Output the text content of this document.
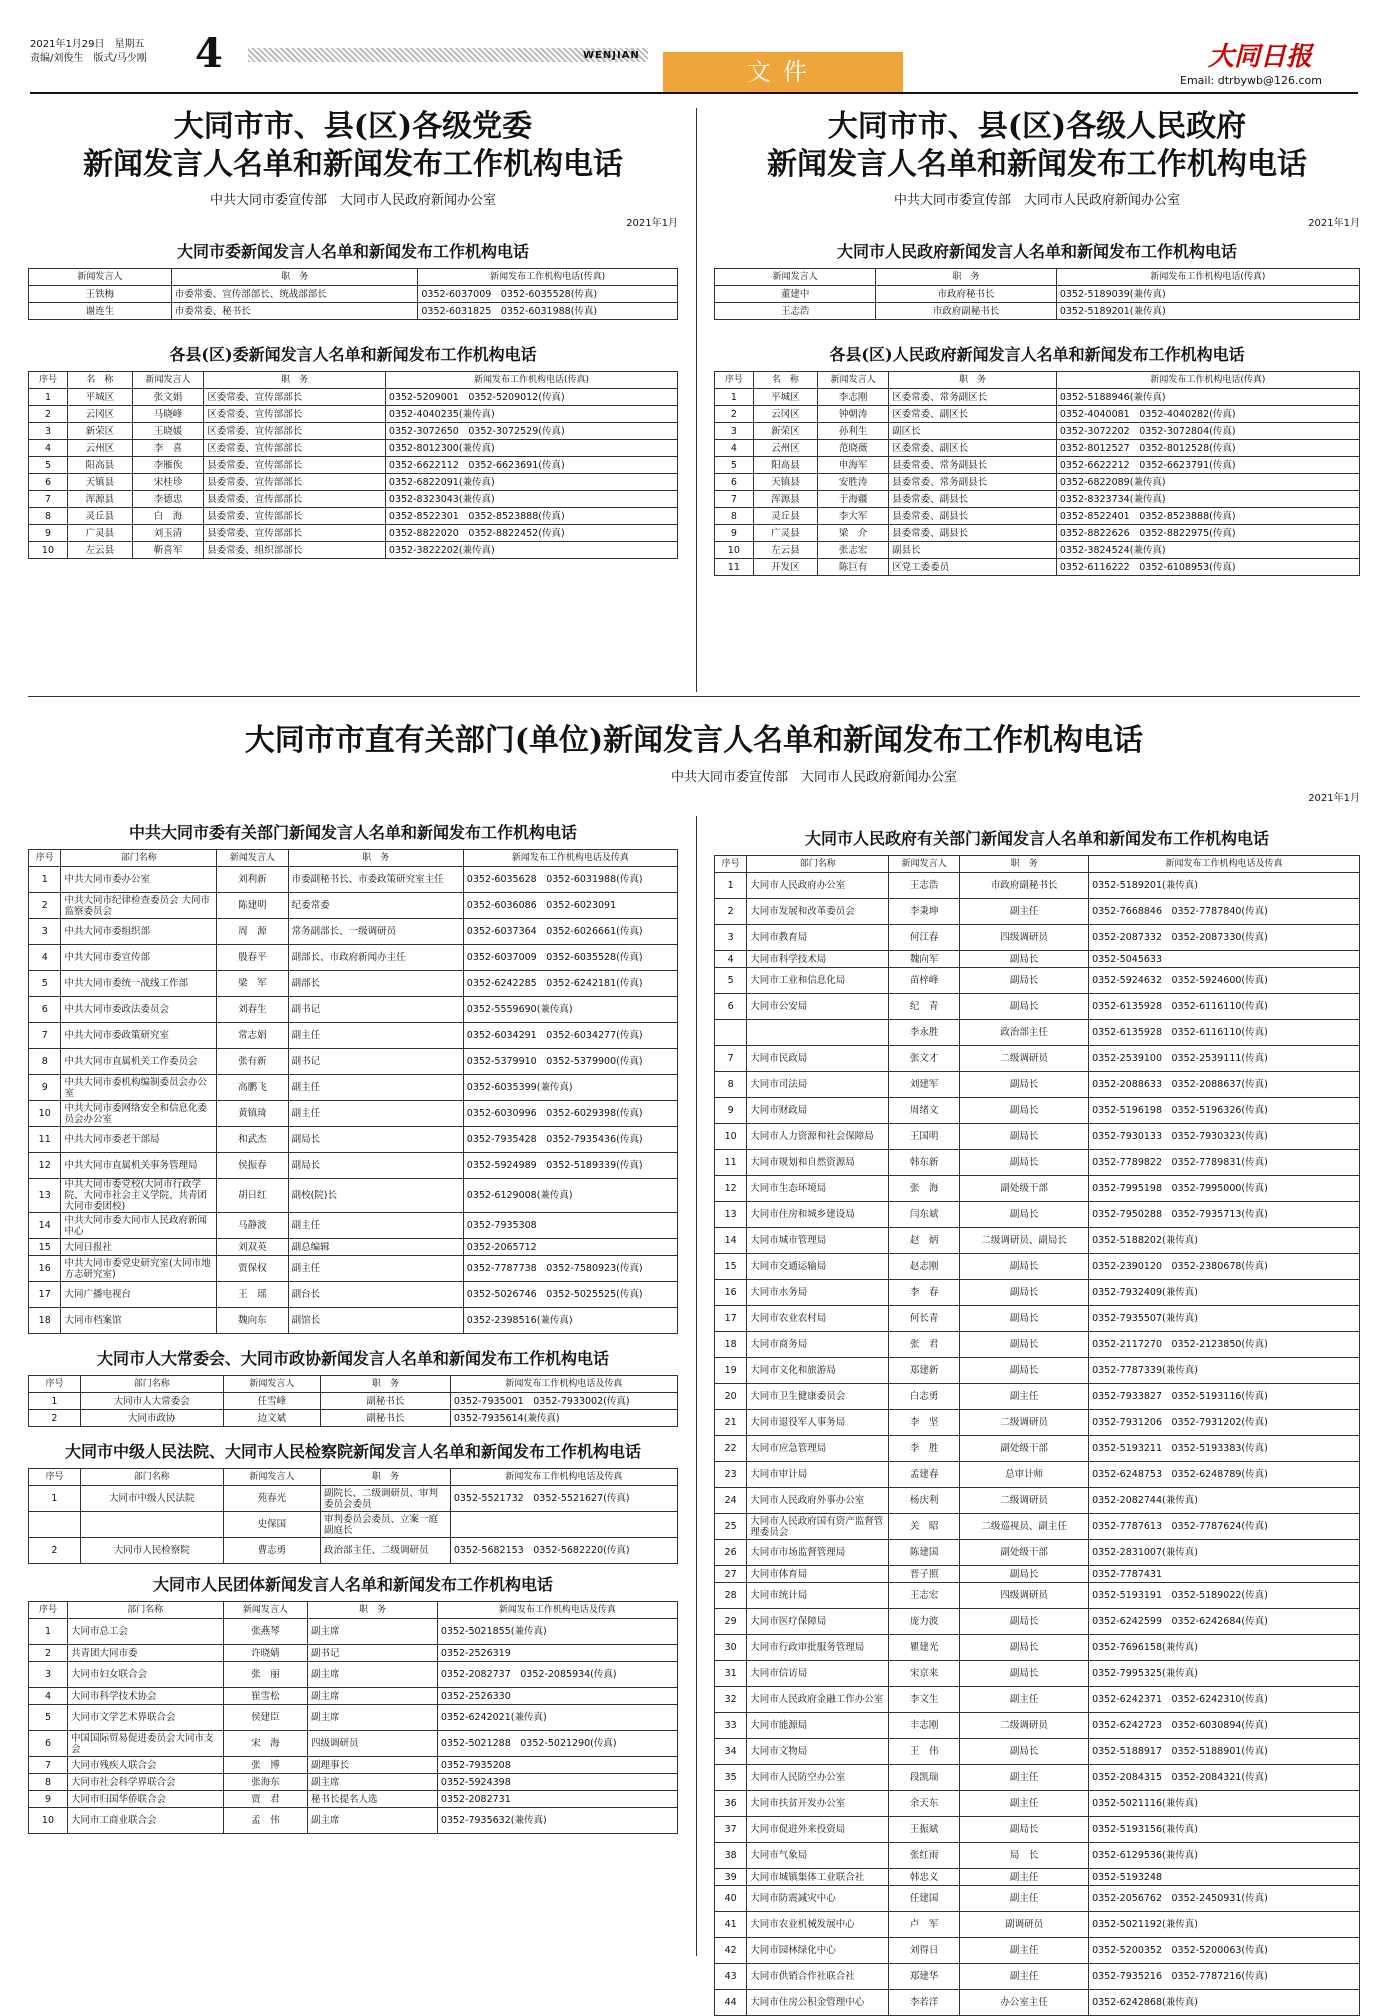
2021年1月29日　星期五
责编/刘俊生　版式/马少刚 4	WENJIAN
文件	大同日报
Email: dtrbywb@126.com
大同市市、县(区)各级党委
新闻发言人名单和新闻发布工作机构电话
中共大同市委宣传部　大同市人民政府新闻办公室
2021年1月
大同市委新闻发言人名单和新闻发布工作机构电话
新闻发言人	职　务	新闻发布工作机构电话(传真)
王铁梅	市委常委、宣传部部长、统战部部长	0352-6037009　0352-6035528(传真)
谢连生	市委常委、秘书长	0352-6031825　0352-6031988(传真)
各县(区)委新闻发言人名单和新闻发布工作机构电话
序号	名　称	新闻发言人	职　务	新闻发布工作机构电话(传真)
1	平城区	张文娟	区委常委、宣传部部长	0352-5209001　0352-5209012(传真)
2	云冈区	马晓峰	区委常委、宣传部部长	0352-4040235(兼传真)
3	新荣区	王晓媛	区委常委、宣传部部长	0352-3072650　0352-3072529(传真)
4	云州区	李　喜	区委常委、宣传部部长	0352-8012300(兼传真)
5	阳高县	李雁俟	县委常委、宣传部部长	0352-6622112　0352-6623691(传真)
6	天镇县	宋桂珍	县委常委、宣传部部长	0352-6822091(兼传真)
7	浑源县	李德忠	县委常委、宣传部部长	0352-8323043(兼传真)
8	灵丘县	白　海	县委常委、宣传部部长	0352-8522301　0352-8523888(传真)
9	广灵县	刘玉清	县委常委、宣传部部长	0352-8822020　0352-8822452(传真)
10	左云县	靳喜军	县委常委、组织部部长	0352-3822202(兼传真)
大同市市、县(区)各级人民政府
新闻发言人名单和新闻发布工作机构电话
中共大同市委宣传部　大同市人民政府新闻办公室
2021年1月
大同市人民政府新闻发言人名单和新闻发布工作机构电话
新闻发言人	职　务	新闻发布工作机构电话(传真)
董建中	市政府秘书长	0352-5189039(兼传真)
王志浩	市政府副秘书长	0352-5189201(兼传真)
各县(区)人民政府新闻发言人名单和新闻发布工作机构电话
序号	名　称	新闻发言人	职　务	新闻发布工作机构电话(传真)
1	平城区	李志刚	区委常委、常务副区长	0352-5188946(兼传真)
2	云冈区	钟朝涛	区委常委、副区长	0352-4040081　0352-4040282(传真)
3	新荣区	孙利生	副区长	0352-3072202　0352-3072804(传真)
4	云州区	范晓薇	区委常委、副区长	0352-8012527　0352-8012528(传真)
5	阳高县	申海军	县委常委、常务副县长	0352-6622212　0352-6623791(传真)
6	天镇县	安胜涛	县委常委、常务副县长	0352-6822089(兼传真)
7	浑源县	于海疆	县委常委、副县长	0352-8323734(兼传真)
8	灵丘县	李大军	县委常委、副县长	0352-8522401　0352-8523888(传真)
9	广灵县	梁　介	县委常委、副县长	0352-8822626　0352-8822975(传真)
10	左云县	张志宏	副县长	0352-3824524(兼传真)
11	开发区	陈巨有	区党工委委员	0352-6116222　0352-6108953(传真)
大同市市直有关部门(单位)新闻发言人名单和新闻发布工作机构电话
中共大同市委宣传部　大同市人民政府新闻办公室
2021年1月
中共大同市委有关部门新闻发言人名单和新闻发布工作机构电话
序号	部门名称	新闻发言人	职　务	新闻发布工作机构电话及传真
1	中共大同市委办公室	刘利新	市委副秘书长、市委政策研究室主任	0352-6035628　0352-6031988(传真)
2	中共大同市纪律检查委员会 大同市监察委员会	陈建明	纪委常委	0352-6036086　0352-6023091
3	中共大同市委组织部	周　源	常务副部长、一级调研员	0352-6037364　0352-6026661(传真)
4	中共大同市委宣传部	殷春平	副部长、市政府新闻办主任	0352-6037009　0352-6035528(传真)
5	中共大同市委统一战线工作部	梁　军	副部长	0352-6242285　0352-6242181(传真)
6	中共大同市委政法委员会	刘春生	副书记	0352-5559690(兼传真)
7	中共大同市委政策研究室	常志娟	副主任	0352-6034291　0352-6034277(传真)
8	中共大同市直属机关工作委员会	张有新	副书记	0352-5379910　0352-5379900(传真)
9	中共大同市委机构编制委员会办公室	高鹏飞	副主任	0352-6035399(兼传真)
10	中共大同市委网络安全和信息化委员会办公室	黄镇琦	副主任	0352-6030996　0352-6029398(传真)
11	中共大同市委老干部局	和武杰	副局长	0352-7935428　0352-7935436(传真)
12	中共大同市直属机关事务管理局	侯振春	副局长	0352-5924989　0352-5189339(传真)
13	中共大同市委党校(大同市行政学院、大同市社会主义学院、共青团大同市委团校)	胡日红	副校(院)长	0352-6129008(兼传真)
14	中共大同市委大同市人民政府新闻中心	马静波	副主任	0352-7935308
15	大同日报社	刘双英	副总编辑	0352-2065712
16	中共大同市委党史研究室(大同市地方志研究室)	贾保权	副主任	0352-7787738　0352-7580923(传真)
17	大同广播电视台	王　瑶	副台长	0352-5026746　0352-5025525(传真)
18	大同市档案馆	魏向东	副馆长	0352-2398516(兼传真)
大同市人大常委会、大同市政协新闻发言人名单和新闻发布工作机构电话
序号	部门名称	新闻发言人	职　务	新闻发布工作机构电话及传真
1	大同市人大常委会	任雪峰	副秘书长	0352-7935001　0352-7933002(传真)
2	大同市政协	边文斌	副秘书长	0352-7935614(兼传真)
大同市中级人民法院、大同市人民检察院新闻发言人名单和新闻发布工作机构电话
序号	部门名称	新闻发言人	职　务	新闻发布工作机构电话及传真
1	大同市中级人民法院	苑春光	副院长、二级调研员、审判委员会委员	0352-5521732　0352-5521627(传真)
		史保国	审判委员会委员、立案一庭副庭长	
2	大同市人民检察院	曹志勇	政治部主任、二级调研员	0352-5682153　0352-5682220(传真)
大同市人民团体新闻发言人名单和新闻发布工作机构电话
序号	部门名称	新闻发言人	职　务	新闻发布工作机构电话及传真
1	大同市总工会	张燕琴	副主席	0352-5021855(兼传真)
2	共青团大同市委	许晓婧	副书记	0352-2526319
3	大同市妇女联合会	张　丽	副主席	0352-2082737　0352-2085934(传真)
4	大同市科学技术协会	崔雪松	副主席	0352-2526330
5	大同市文学艺术界联合会	侯建臣	副主席	0352-6242021(兼传真)
6	中国国际贸易促进委员会大同市支会	宋　海	四级调研员	0352-5021288　0352-5021290(传真)
7	大同市残疾人联合会	张　博	副理事长	0352-7935208
8	大同市社会科学界联合会	张海东	副主席	0352-5924398
9	大同市归国华侨联合会	贾　君	秘书长提名人选	0352-2082731
10	大同市工商业联合会	孟　伟	副主席	0352-7935632(兼传真)
大同市人民政府有关部门新闻发言人名单和新闻发布工作机构电话
序号	部门名称	新闻发言人	职　务	新闻发布工作机构电话及传真
1	大同市人民政府办公室	王志浩	市政府副秘书长	0352-5189201(兼传真)
2	大同市发展和改革委员会	李秉坤	副主任	0352-7668846　0352-7787840(传真)
3	大同市教育局	何江春	四级调研员	0352-2087332　0352-2087330(传真)
4	大同市科学技术局	魏向军	副局长	0352-5045633
5	大同市工业和信息化局	苗梓峰	副局长	0352-5924632　0352-5924600(传真)
6	大同市公安局	纪　青	副局长	0352-6135928　0352-6116110(传真)
		李永胜	政治部主任	0352-6135928　0352-6116110(传真)
7	大同市民政局	张文才	二级调研员	0352-2539100　0352-2539111(传真)
8	大同市司法局	刘建军	副局长	0352-2088633　0352-2088637(传真)
9	大同市财政局	周绪文	副局长	0352-5196198　0352-5196326(传真)
10	大同市人力资源和社会保障局	王国明	副局长	0352-7930133　0352-7930323(传真)
11	大同市规划和自然资源局	韩东新	副局长	0352-7789822　0352-7789831(传真)
12	大同市生态环境局	张　海	副处级干部	0352-7995198　0352-7995000(传真)
13	大同市住房和城乡建设局	闫东斌	副局长	0352-7950288　0352-7935713(传真)
14	大同市城市管理局	赵　炳	二级调研员、副局长	0352-5188202(兼传真)
15	大同市交通运输局	赵志刚	副局长	0352-2390120　0352-2380678(传真)
16	大同市水务局	李　春	副局长	0352-7932409(兼传真)
17	大同市农业农村局	何长青	副局长	0352-7935507(兼传真)
18	大同市商务局	张　君	副局长	0352-2117270　0352-2123850(传真)
19	大同市文化和旅游局	郑建新	副局长	0352-7787339(兼传真)
20	大同市卫生健康委员会	白志勇	副主任	0352-7933827　0352-5193116(传真)
21	大同市退役军人事务局	李　坚	二级调研员	0352-7931206　0352-7931202(传真)
22	大同市应急管理局	李　胜	副处级干部	0352-5193211　0352-5193383(传真)
23	大同市审计局	孟建春	总审计师	0352-6248753　0352-6248789(传真)
24	大同市人民政府外事办公室	杨庆利	二级调研员	0352-2082744(兼传真)
25	大同市人民政府国有资产监督管理委员会	关　昭	二级巡视员、副主任	0352-7787613　0352-7787624(传真)
26	大同市市场监督管理局	陈建国	副处级干部	0352-2831007(兼传真)
27	大同市体育局	晋子照	副局长	0352-7787431
28	大同市统计局	王志宏	四级调研员	0352-5193191　0352-5189022(传真)
29	大同市医疗保障局	庞力波	副局长	0352-6242599　0352-6242684(传真)
30	大同市行政审批服务管理局	瞿建光	副局长	0352-7696158(兼传真)
31	大同市信访局	宋京来	副局长	0352-7995325(兼传真)
32	大同市人民政府金融工作办公室	李文生	副主任	0352-6242371　0352-6242310(传真)
33	大同市能源局	丰志刚	二级调研员	0352-6242723　0352-6030894(传真)
34	大同市文物局	王　伟	副局长	0352-5188917　0352-5188901(传真)
35	大同市人民防空办公室	段凯瑞	副主任	0352-2084315　0352-2084321(传真)
36	大同市扶贫开发办公室	余天东	副主任	0352-5021116(兼传真)
37	大同市促进外来投资局	王振斌	副局长	0352-5193156(兼传真)
38	大同市气象局	张红雨	局　长	0352-6129536(兼传真)
39	大同市城镇集体工业联合社	韩忠义	副主任	0352-5193248
40	大同市防震减灾中心	任建国	副主任	0352-2056762　0352-2450931(传真)
41	大同市农业机械发展中心	卢　军	副调研员	0352-5021192(兼传真)
42	大同市园林绿化中心	刘得日	副主任	0352-5200352　0352-5200063(传真)
43	大同市供销合作社联合社	郑建华	副主任	0352-7935216　0352-7787216(传真)
44	大同市住房公积金管理中心	李若洋	办公室主任	0352-6242868(兼传真)
